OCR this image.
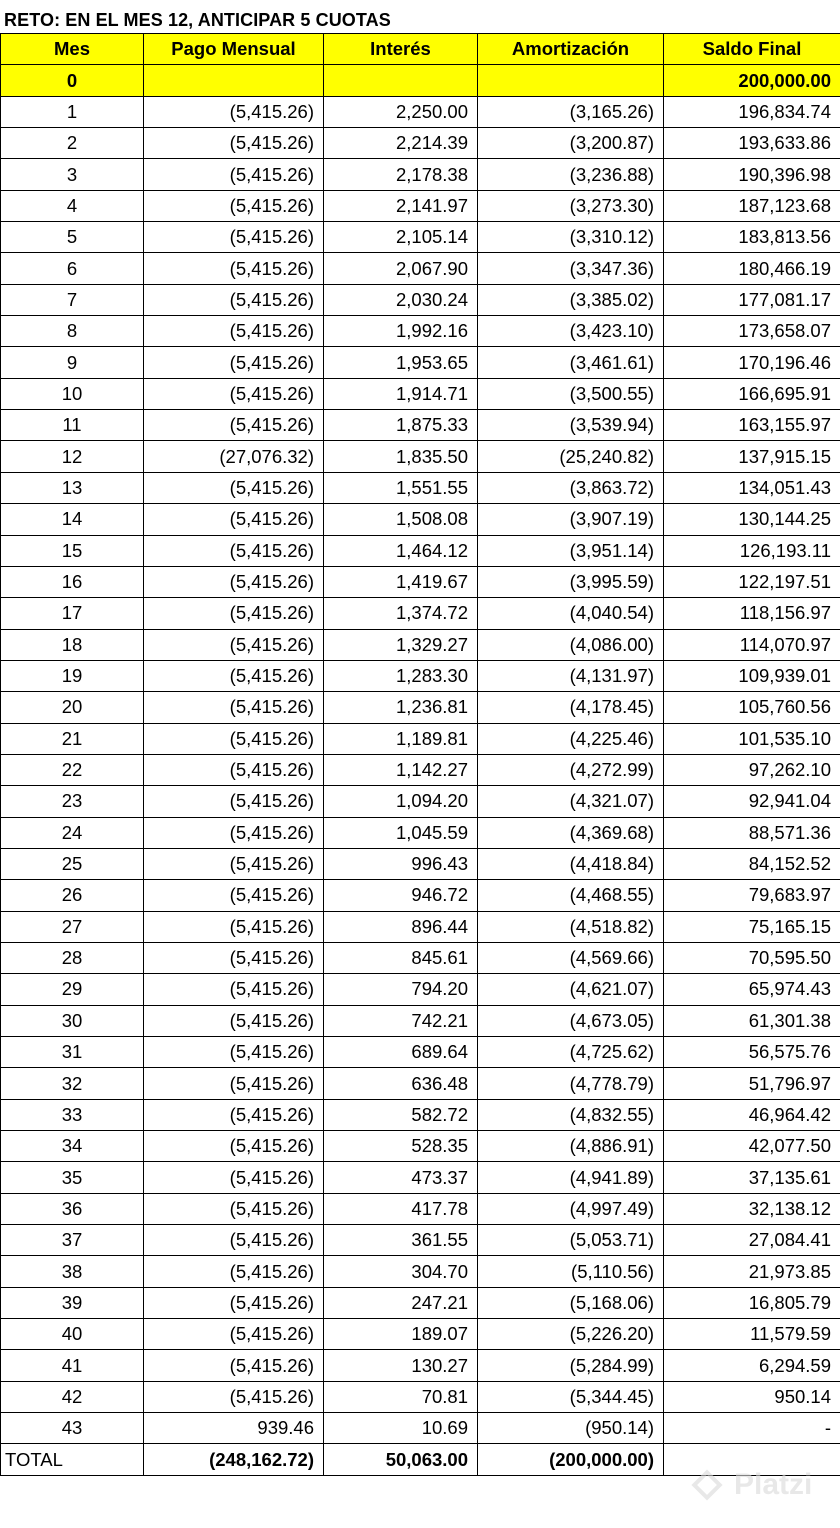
RETO: EN EL MES 12, ANTICIPAR 5 CUOTAS
Mes	Pago Mensual	Interés	Amortización	Saldo Final
0				200,000.00
1	(5,415.26)	2,250.00	(3,165.26)	196,834.74
2	(5,415.26)	2,214.39	(3,200.87)	193,633.86
3	(5,415.26)	2,178.38	(3,236.88)	190,396.98
4	(5,415.26)	2,141.97	(3,273.30)	187,123.68
5	(5,415.26)	2,105.14	(3,310.12)	183,813.56
6	(5,415.26)	2,067.90	(3,347.36)	180,466.19
7	(5,415.26)	2,030.24	(3,385.02)	177,081.17
8	(5,415.26)	1,992.16	(3,423.10)	173,658.07
9	(5,415.26)	1,953.65	(3,461.61)	170,196.46
10	(5,415.26)	1,914.71	(3,500.55)	166,695.91
11	(5,415.26)	1,875.33	(3,539.94)	163,155.97
12	(27,076.32)	1,835.50	(25,240.82)	137,915.15
13	(5,415.26)	1,551.55	(3,863.72)	134,051.43
14	(5,415.26)	1,508.08	(3,907.19)	130,144.25
15	(5,415.26)	1,464.12	(3,951.14)	126,193.11
16	(5,415.26)	1,419.67	(3,995.59)	122,197.51
17	(5,415.26)	1,374.72	(4,040.54)	118,156.97
18	(5,415.26)	1,329.27	(4,086.00)	114,070.97
19	(5,415.26)	1,283.30	(4,131.97)	109,939.01
20	(5,415.26)	1,236.81	(4,178.45)	105,760.56
21	(5,415.26)	1,189.81	(4,225.46)	101,535.10
22	(5,415.26)	1,142.27	(4,272.99)	97,262.10
23	(5,415.26)	1,094.20	(4,321.07)	92,941.04
24	(5,415.26)	1,045.59	(4,369.68)	88,571.36
25	(5,415.26)	996.43	(4,418.84)	84,152.52
26	(5,415.26)	946.72	(4,468.55)	79,683.97
27	(5,415.26)	896.44	(4,518.82)	75,165.15
28	(5,415.26)	845.61	(4,569.66)	70,595.50
29	(5,415.26)	794.20	(4,621.07)	65,974.43
30	(5,415.26)	742.21	(4,673.05)	61,301.38
31	(5,415.26)	689.64	(4,725.62)	56,575.76
32	(5,415.26)	636.48	(4,778.79)	51,796.97
33	(5,415.26)	582.72	(4,832.55)	46,964.42
34	(5,415.26)	528.35	(4,886.91)	42,077.50
35	(5,415.26)	473.37	(4,941.89)	37,135.61
36	(5,415.26)	417.78	(4,997.49)	32,138.12
37	(5,415.26)	361.55	(5,053.71)	27,084.41
38	(5,415.26)	304.70	(5,110.56)	21,973.85
39	(5,415.26)	247.21	(5,168.06)	16,805.79
40	(5,415.26)	189.07	(5,226.20)	11,579.59
41	(5,415.26)	130.27	(5,284.99)	6,294.59
42	(5,415.26)	70.81	(5,344.45)	950.14
43	939.46	10.69	(950.14)	-
TOTAL	(248,162.72)	50,063.00	(200,000.00)	
Platzi
